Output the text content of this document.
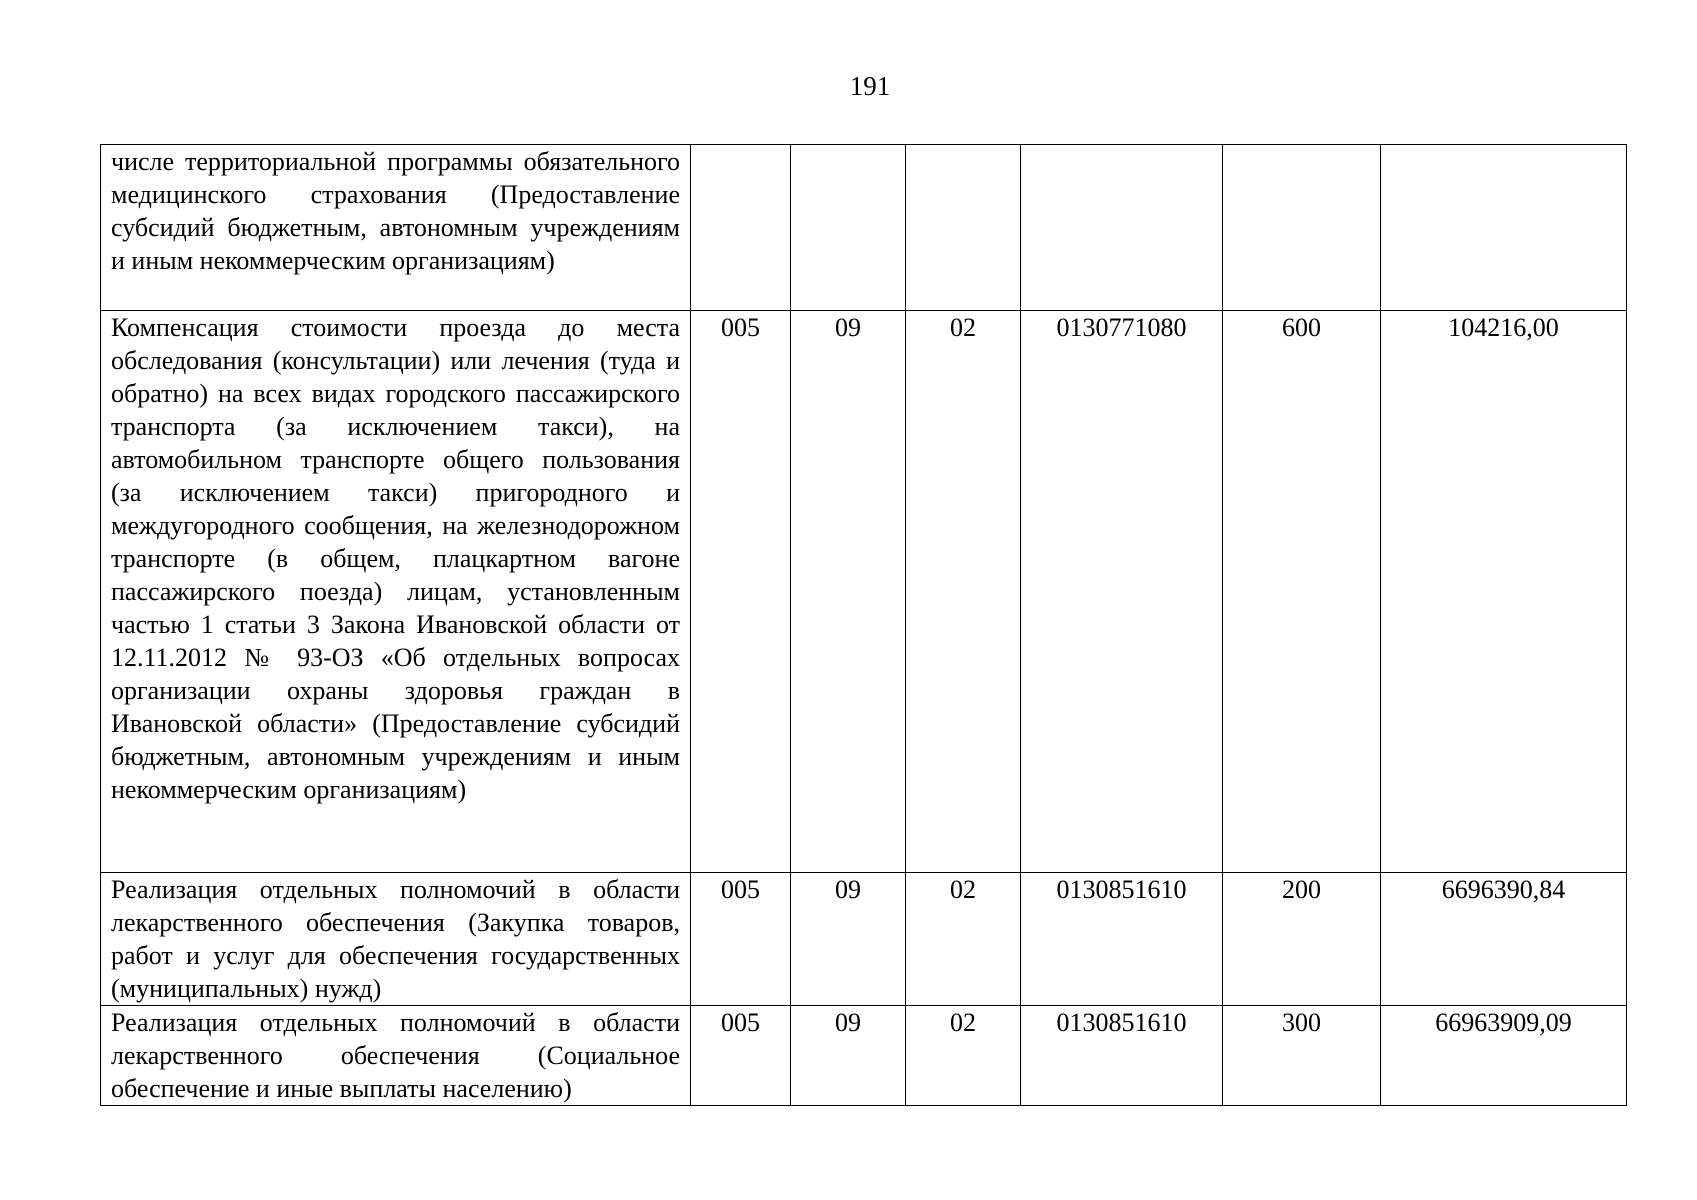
191
числе территориальной программы обязательного медицинского страхования (Предоставление субсидий бюджетным, автономным учреждениям и иным некоммерческим организациям)						
Компенсация стоимости проезда до места обследования (консультации) или лечения (туда и обратно) на всех видах городского пассажирского транспорта (за исключением такси), на автомобильном транспорте общего пользования (за исключением такси) пригородного и междугородного сообщения, на железнодорожном транспорте (в общем, плацкартном вагоне пассажирского поезда) лицам, установленным частью 1 статьи 3 Закона Ивановской области от 12.11.2012 № 93-ОЗ «Об отдельных вопросах организации охраны здоровья граждан в Ивановской области» (Предоставление субсидий бюджетным, автономным учреждениям и иным некоммерческим организациям)	005	09	02	0130771080	600	104216,00
Реализация отдельных полномочий в области лекарственного обеспечения (Закупка товаров, работ и услуг для обеспечения государственных (муниципальных) нужд)	005	09	02	0130851610	200	6696390,84
Реализация отдельных полномочий в области лекарственного обеспечения (Социальное обеспечение и иные выплаты населению)	005	09	02	0130851610	300	66963909,09
